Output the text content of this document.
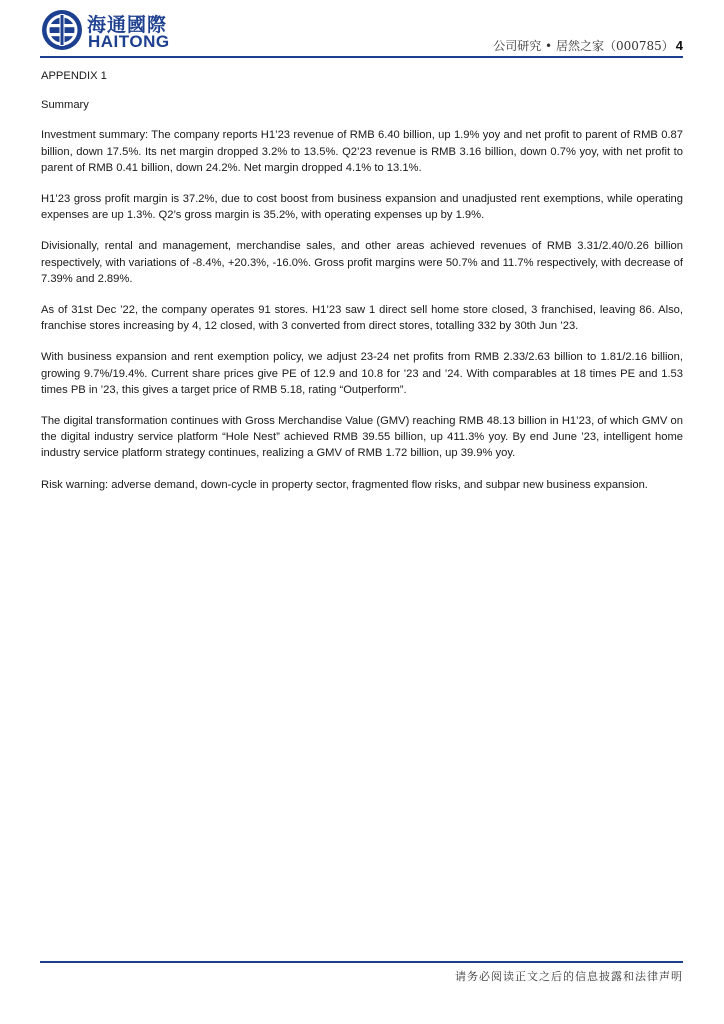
海通國際
HAITONG	公司研究 • 居然之家（000785） 4

APPENDIX 1

Summary

Investment summary: The company reports H1’23 revenue of RMB 6.40 billion, up 1.9% yoy and net profit to parent of RMB 0.87 billion, down 17.5%. Its net margin dropped 3.2% to 13.5%. Q2’23 revenue is RMB 3.16 billion, down 0.7% yoy, with net profit to parent of RMB 0.41 billion, down 24.2%. Net margin dropped 4.1% to 13.1%.

H1’23 gross profit margin is 37.2%, due to cost boost from business expansion and unadjusted rent exemptions, while operating expenses are up 1.3%. Q2’s gross margin is 35.2%, with operating expenses up by 1.9%.

Divisionally, rental and management, merchandise sales, and other areas achieved revenues of RMB 3.31/2.40/0.26 billion respectively, with variations of -8.4%, +20.3%, -16.0%. Gross profit margins were 50.7% and 11.7% respectively, with decrease of 7.39% and 2.89%.

As of 31st Dec ’22, the company operates 91 stores. H1’23 saw 1 direct sell home store closed, 3 franchised, leaving 86. Also, franchise stores increasing by 4, 12 closed, with 3 converted from direct stores, totalling 332 by 30th Jun ’23.

With business expansion and rent exemption policy, we adjust 23-24 net profits from RMB 2.33/2.63 billion to 1.81/2.16 billion, growing 9.7%/19.4%. Current share prices give PE of 12.9 and 10.8 for ’23 and ’24. With comparables at 18 times PE and 1.53 times PB in ’23, this gives a target price of RMB 5.18, rating “Outperform”.

The digital transformation continues with Gross Merchandise Value (GMV) reaching RMB 48.13 billion in H1’23, of which GMV on the digital industry service platform “Hole Nest” achieved RMB 39.55 billion, up 411.3% yoy. By end June ’23, intelligent home industry service platform strategy continues, realizing a GMV of RMB 1.72 billion, up 39.9% yoy.

Risk warning: adverse demand, down-cycle in property sector, fragmented flow risks, and subpar new business expansion.

请务必阅读正文之后的信息披露和法律声明
